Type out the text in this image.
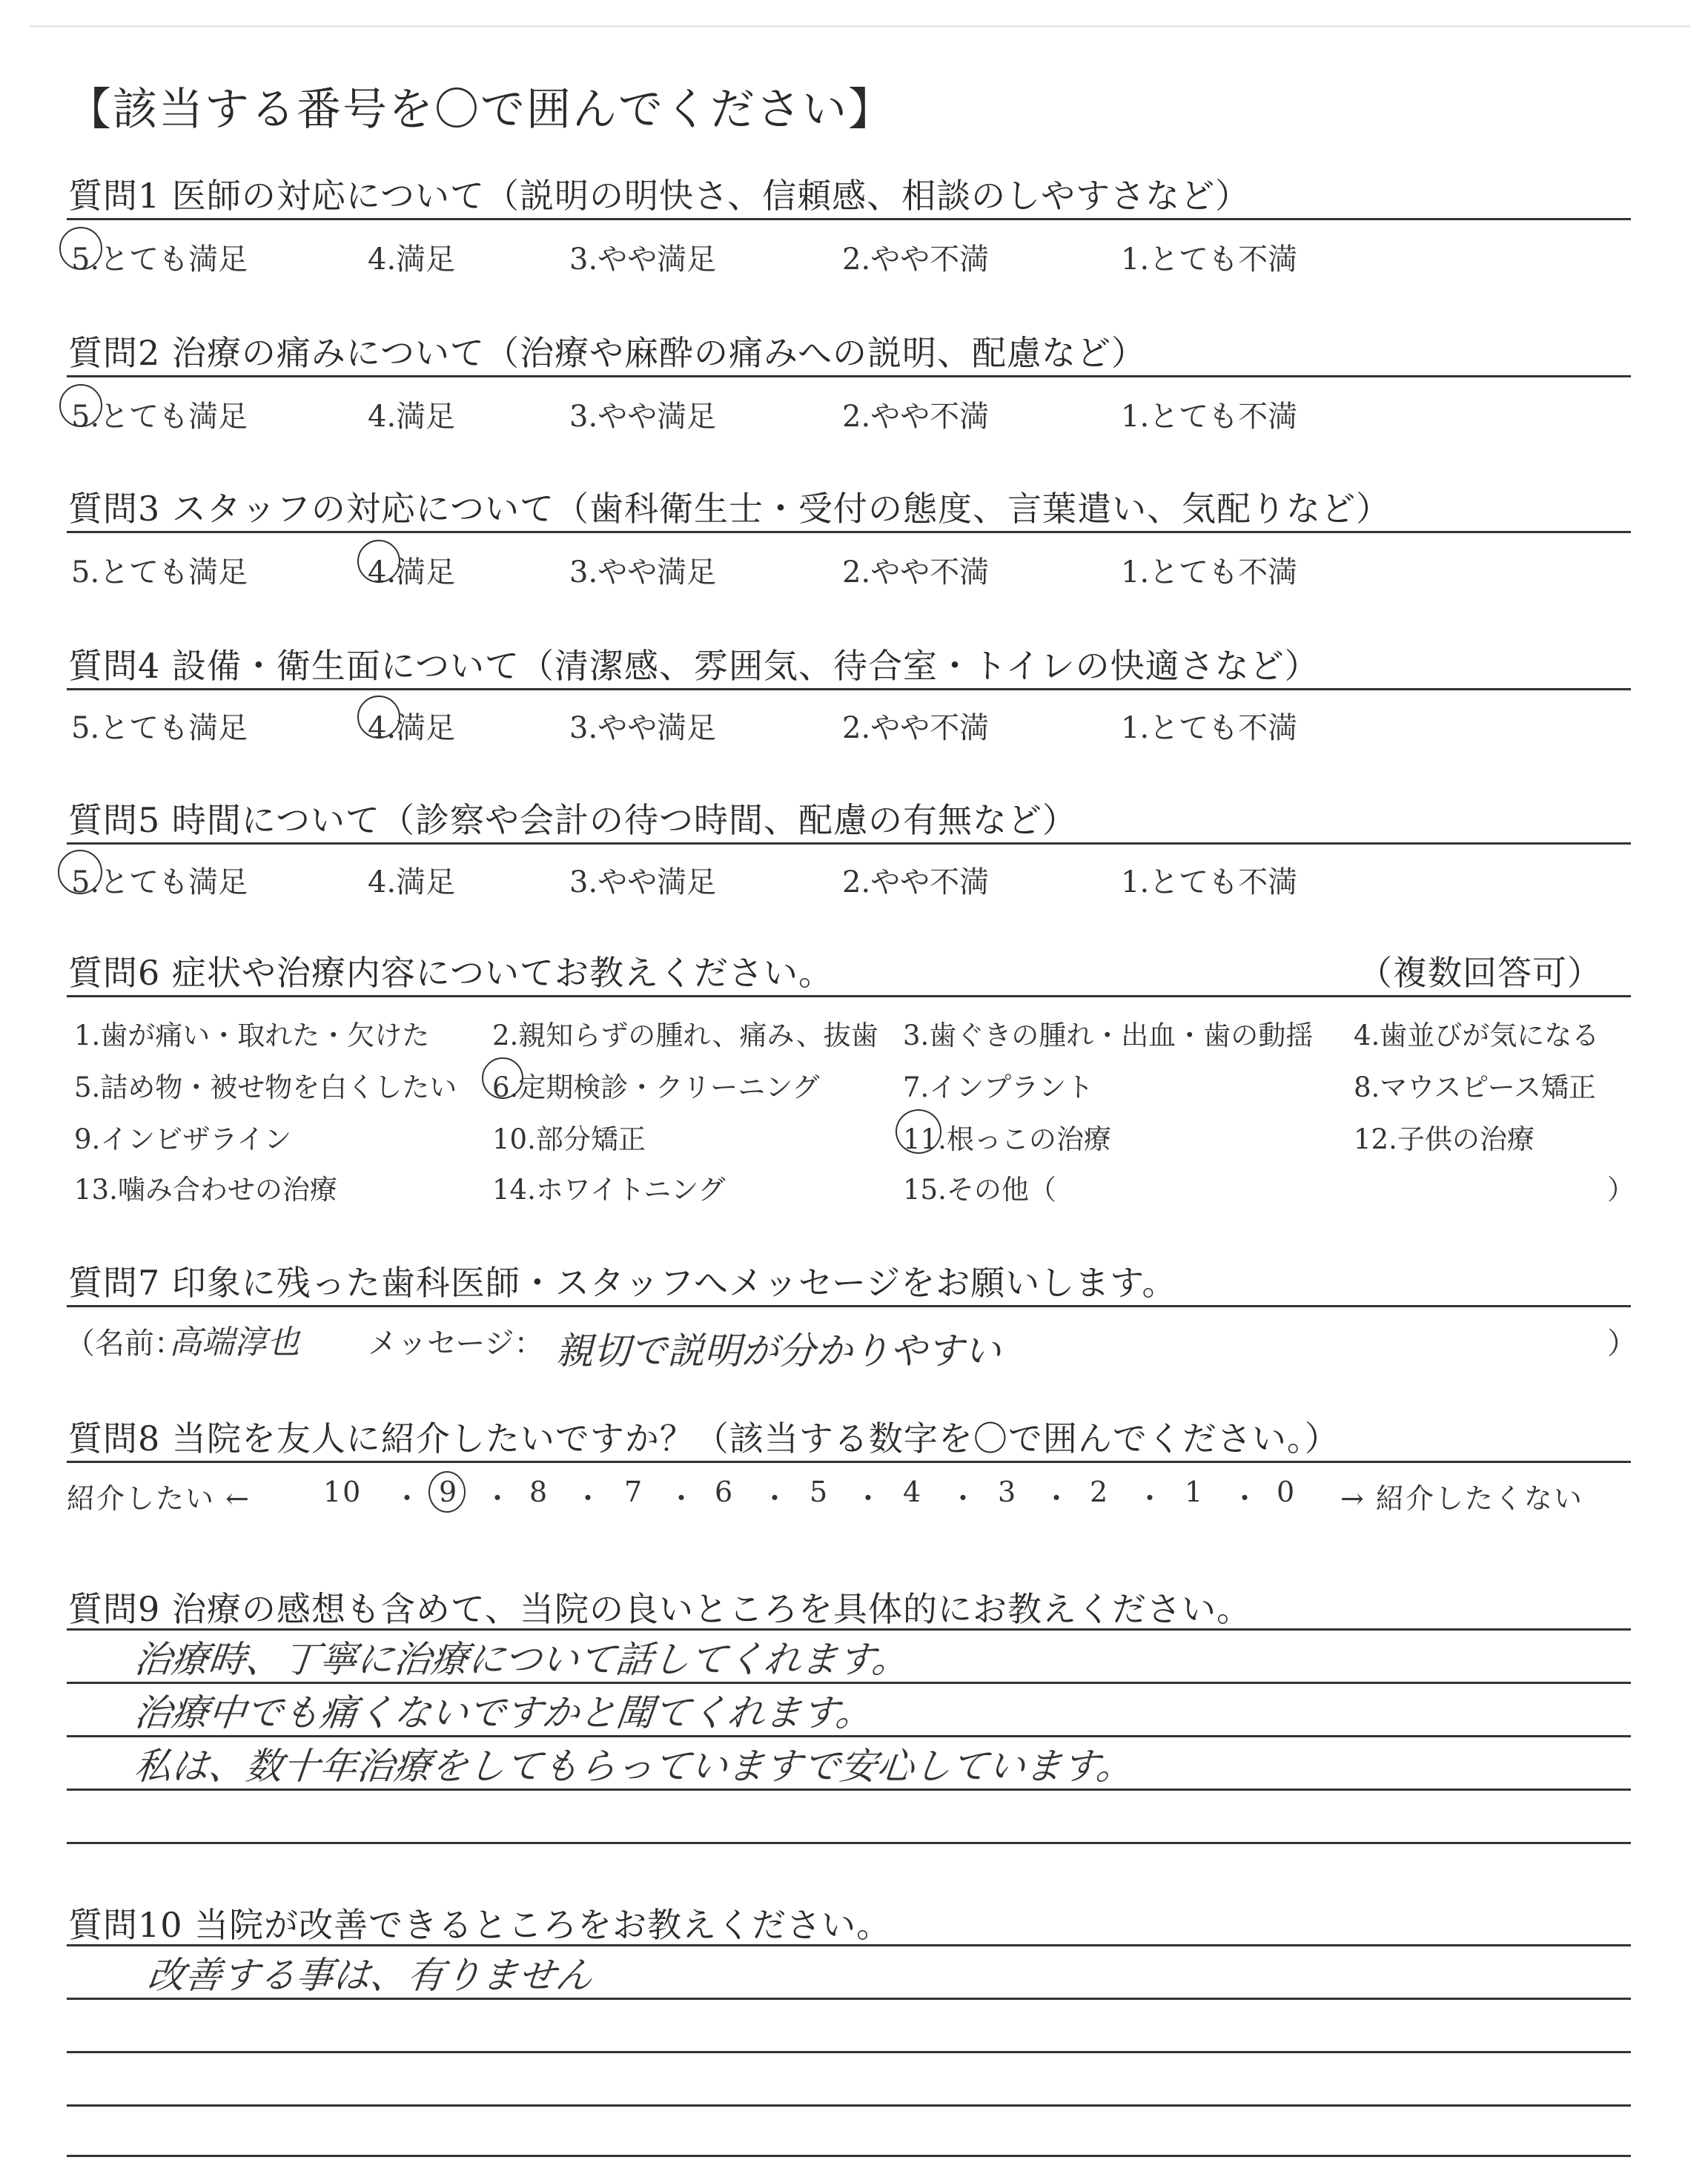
【該当する番号を〇で囲んでください】
質問1 医師の対応について（説明の明快さ、信頼感、相談のしやすさなど）
5.とても満足	4.満足	3.やや満足	2.やや不満	1.とても不満
質問2 治療の痛みについて（治療や麻酔の痛みへの説明、配慮など）
5.とても満足	4.満足	3.やや満足	2.やや不満	1.とても不満
質問3 スタッフの対応について（歯科衛生士・受付の態度、言葉遣い、気配りなど）
5.とても満足	4.満足	3.やや満足	2.やや不満	1.とても不満
質問4 設備・衛生面について（清潔感、雰囲気、待合室・トイレの快適さなど）
5.とても満足	4.満足	3.やや満足	2.やや不満	1.とても不満
質問5 時間について（診察や会計の待つ時間、配慮の有無など）
5.とても満足	4.満足	3.やや満足	2.やや不満	1.とても不満
質問6 症状や治療内容についてお教えください。	（複数回答可）
1.歯が痛い・取れた・欠けた 2.親知らずの腫れ、痛み、抜歯 3.歯ぐきの腫れ・出血・歯の動揺 4.歯並びが気になる
5.詰め物・被せ物を白くしたい 6.定期検診・クリーニング	7.インプラント	8.マウスピース矯正
9.インビザライン	10.部分矯正	11.根っこの治療	12.子供の治療
13.噛み合わせの治療	14.ホワイトニング	15.その他（	）
質問7 印象に残った歯科医師・スタッフへメッセージをお願いします。
（名前：
高端淳也 メッセージ： 親切で説明が分かりやすい	）
質問8 当院を友人に紹介したいですか？（該当する数字を〇で囲んでください。）
紹介したい ←	→ 紹介したくない
10 ・ 9 ・ 8 ・ 7 ・ 6 ・ 5 ・ 4 ・ 3 ・ 2 ・ 1 ・ 0
質問9 治療の感想も含めて、当院の良いところを具体的にお教えください。
治療時、丁寧に治療について話してくれます。
治療中でも痛くないですかと聞てくれます。
私は、数十年治療をしてもらっていますで安心しています。
質問10 当院が改善できるところをお教えください。
改善する事は、有りません
